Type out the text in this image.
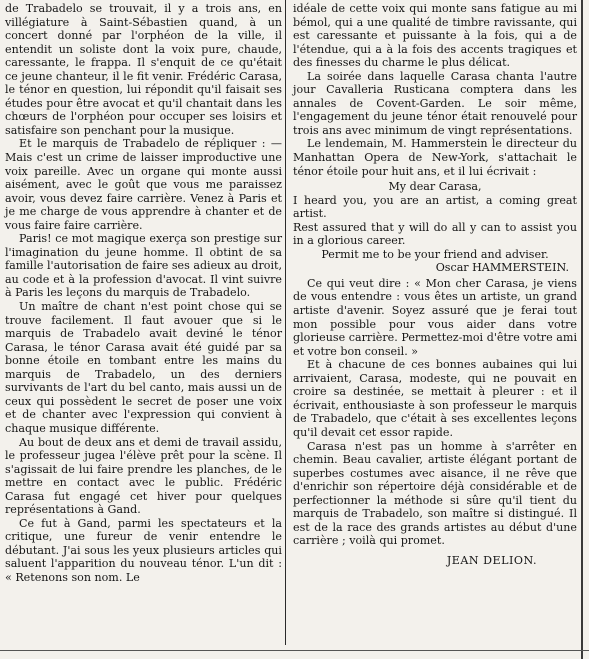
de Trabadelo se trouvait, il y a trois ans, en villégiature à Saint-Sébastien quand, à un concert donné par l'orphéon de la ville, il entendit un soliste dont la voix pure, chaude, caressante, le frappa. Il s'enquit de ce qu'était ce jeune chanteur, il le fit venir. Frédéric Carasa, le ténor en question, lui répondit qu'il faisait ses études pour être avocat et qu'il chantait dans les chœurs de l'orphéon pour occuper ses loisirs et satisfaire son penchant pour la musique.

Et le marquis de Trabadelo de répliquer : — Mais c'est un crime de laisser improductive une voix pareille. Avec un organe qui monte aussi aisément, avec le goût que vous me paraissez avoir, vous devez faire carrière. Venez à Paris et je me charge de vous apprendre à chanter et de vous faire faire carrière.

Paris! ce mot magique exerça son prestige sur l'imagination du jeune homme. Il obtint de sa famille l'autorisation de faire ses adieux au droit, au code et à la profession d'avocat. Il vint suivre à Paris les leçons du marquis de Trabadelo.

Un maître de chant n'est point chose qui se trouve facilement. Il faut avouer que si le marquis de Trabadelo avait deviné le ténor Carasa, le ténor Carasa avait été guidé par sa bonne étoile en tombant entre les mains du marquis de Trabadelo, un des derniers survivants de l'art du bel canto, mais aussi un de ceux qui possèdent le secret de poser une voix et de chanter avec l'expression qui convient à chaque musique différente.

Au bout de deux ans et demi de travail assidu, le professeur jugea l'élève prêt pour la scène. Il s'agissait de lui faire prendre les planches, de le mettre en contact avec le public. Frédéric Carasa fut engagé cet hiver pour quelques représentations à Gand.

Ce fut à Gand, parmi les spectateurs et la critique, une fureur de venir entendre le débutant. J'ai sous les yeux plusieurs articles qui saluent l'apparition du nouveau ténor. L'un dit : « Retenons son nom. Le

idéale de cette voix qui monte sans fatigue au mi bémol, qui a une qualité de timbre ravissante, qui est caressante et puissante à la fois, qui a de l'étendue, qui a à la fois des accents tragiques et des finesses du charme le plus délicat.

La soirée dans laquelle Carasa chanta l'autre jour Cavalleria Rusticana comptera dans les annales de Covent-Garden. Le soir même, l'engagement du jeune ténor était renouvelé pour trois ans avec minimum de vingt représentations.

Le lendemain, M. Hammerstein le directeur du Manhattan Opera de New-York, s'attachait le ténor étoile pour huit ans, et il lui écrivait :

My dear Carasa,

I heard you, you are an artist, a coming great artist.

Rest assured that y will do all y can to assist you in a glorious career.

Permit me to be your friend and adviser.

Oscar HAMMERSTEIN.

Ce qui veut dire : « Mon cher Carasa, je viens de vous entendre : vous êtes un artiste, un grand artiste d'avenir. Soyez assuré que je ferai tout mon possible pour vous aider dans votre glorieuse carrière. Permettez-moi d'être votre ami et votre bon conseil. »

Et à chacune de ces bonnes aubaines qui lui arrivaient, Carasa, modeste, qui ne pouvait en croire sa destinée, se mettait à pleurer : et il écrivait, enthousiaste à son professeur le marquis de Trabadelo, que c'était à ses excellentes leçons qu'il devait cet essor rapide.

Carasa n'est pas un homme à s'arrêter en chemin. Beau cavalier, artiste élégant portant de superbes costumes avec aisance, il ne rêve que d'enrichir son répertoire déjà considérable et de perfectionner la méthode si sûre qu'il tient du marquis de Trabadelo, son maître si distingué. Il est de la race des grands artistes au début d'une carrière ; voilà qui promet.

JEAN DELION.
